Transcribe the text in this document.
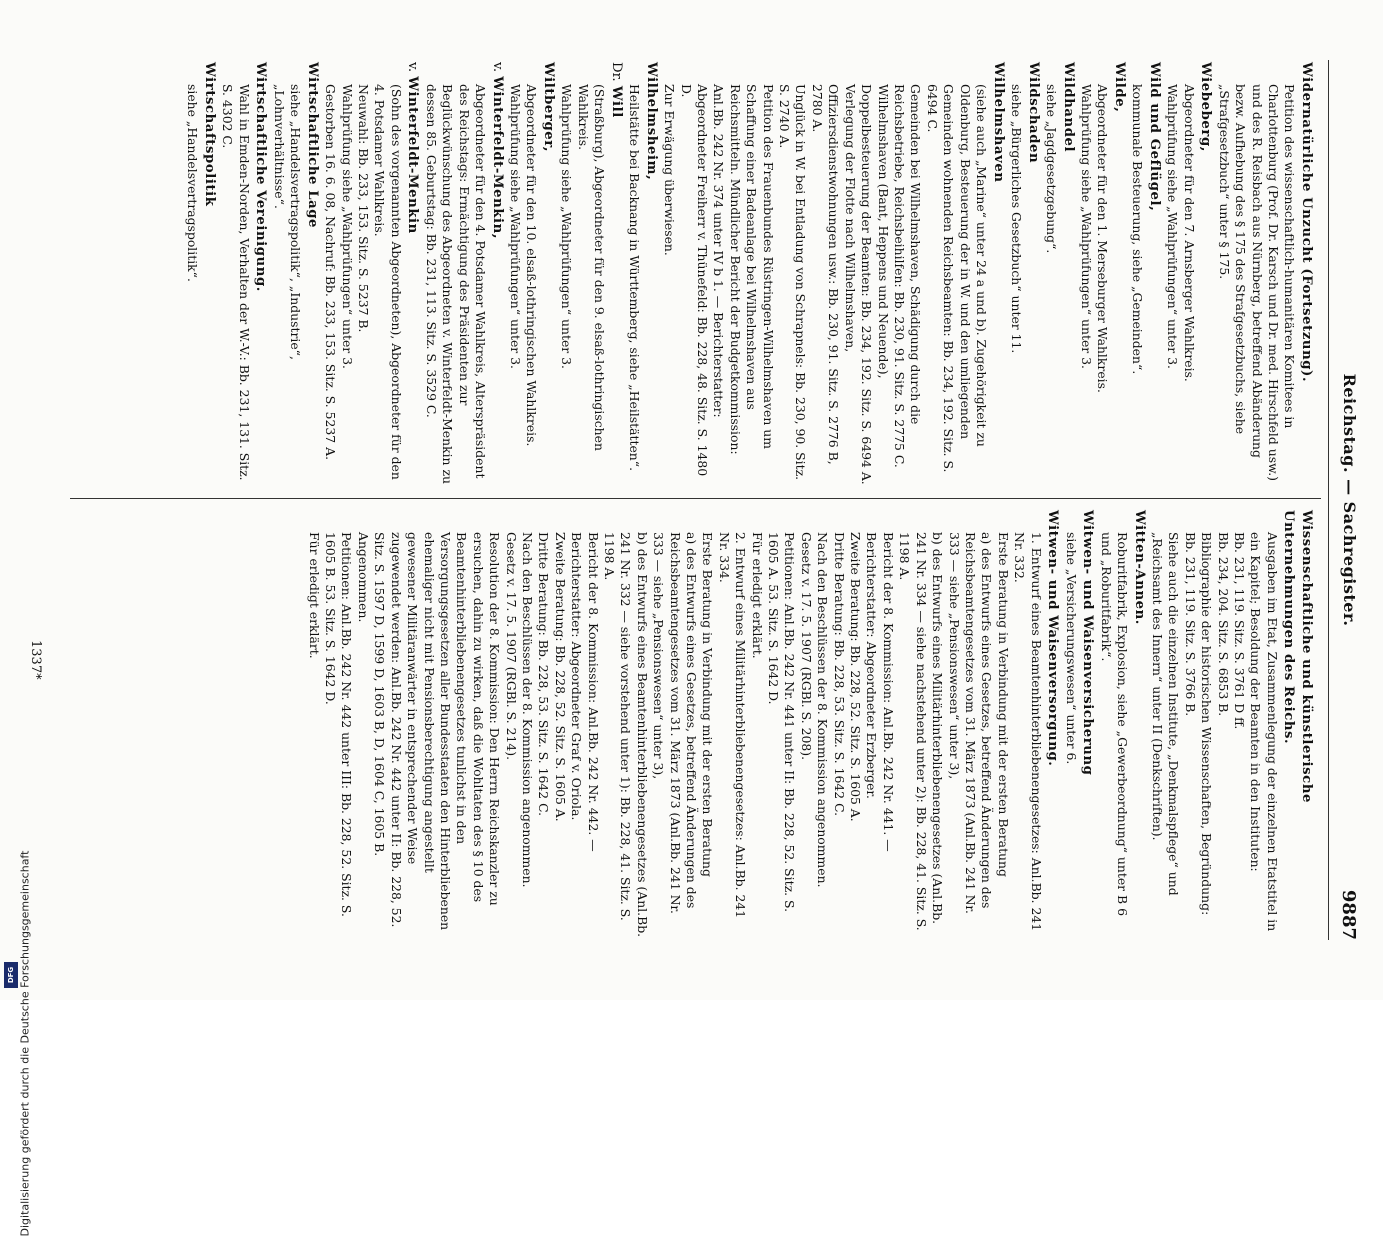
Reichstag. — Sachregister.
9887

Widernatürliche Unzucht (Fortsetzung).

Petition des wissenschaftlich-humanitären Komitees in Charlottenburg (Prof. Dr. Karsch und Dr. med. Hirschfeld usw.) und des R. Reisbach aus Nürnberg, betreffend Abänderung bezw. Aufhebung des § 175 des Strafgesetzbuchs, siehe „Strafgesetzbuch“ unter § 175.

Wiebeberg,

Abgeordneter für den 7. Arnsberger Wahlkreis.

Wahlprüfung siehe „Wahlprüfungen“ unter 3.

Wild und Geflügel,

kommunale Besteuerung, siehe „Gemeinden“.

Wilde,

Abgeordneter für den 1. Merseburger Wahlkreis.

Wahlprüfung siehe „Wahlprüfungen“ unter 3.

Wildhandel

siehe „Jagdgesetzgebung“.

Wildschaden

siehe „Bürgerliches Gesetzbuch“ unter 11.

Wilhelmshaven

(siehe auch „Marine“ unter 24 a und b). Zugehörigkeit zu Oldenburg, Besteuerung der in W. und den umliegenden Gemeinden wohnenden Reichsbeamten: Bb. 234, 192. Sitz. S. 6494 C.

Gemeinden bei Wilhelmshaven, Schädigung durch die Reichsbetriebe, Reichsbeihilfen: Bb. 230, 91. Sitz. S. 2775 C.

Wilhelmshaven (Bant, Heppens und Neuende), Doppelbesteuerung der Beamten: Bb. 234, 192. Sitz. S. 6494 A.

Verlegung der Flotte nach Wilhelmshaven, Offiziersdienstwohnungen usw.: Bb. 230, 91. Sitz. S. 2776 B, 2780 A.

Unglück in W. bei Entladung von Schrapnels: Bb. 230, 90. Sitz. S. 2740 A.

Petition des Frauenbundes Rüstringen-Wilhelmshaven um Schaffung einer Badeanlage bei Wilhelmshaven aus Reichsmitteln. Mündlicher Bericht der Budgetkommission: Anl.Bb. 242 Nr. 374 unter IV b 1. — Berichterstatter: Abgeordneter Freiherr v. Thünefeld: Bb. 228, 48. Sitz. S. 1480 D.

Zur Erwägung überwiesen.

Wilhelmsheim,

Heilstätte bei Backnang in Württemberg, siehe „Heilstätten“.

Dr. Will

(Straßburg), Abgeordneter für den 9. elsaß-lothringischen Wahlkreis.

Wahlprüfung siehe „Wahlprüfungen“ unter 3.

Wiltberger,

Abgeordneter für den 10. elsaß-lothringischen Wahlkreis.

Wahlprüfung siehe „Wahlprüfungen“ unter 3.

v. Winterfeldt-Menkin,

Abgeordneter für den 4. Potsdamer Wahlkreis, Alterspräsident des Reichstags: Ermächtigung des Präsidenten zur Beglückwünschung des Abgeordneten v. Winterfeldt-Menkin zu dessen 85. Geburtstag: Bb. 231, 113. Sitz. S. 3529 C.

v. Winterfeldt-Menkin

(Sohn des vorgenannten Abgeordneten), Abgeordneter für den 4. Potsdamer Wahlkreis.

Neuwahl: Bb. 233, 153. Sitz. S. 5237 B.

Wahlprüfung siehe „Wahlprüfungen“ unter 3.

Gestorben 16. 6. 08, Nachruf: Bb. 233, 153. Sitz. S. 5237 A.

Wirtschaftliche Lage

siehe „Handelsvertragspolitik“, „Industrie“, „Lohnverhältnisse“.

Wirtschaftliche Vereinigung.

Wahl in Emden-Norden, Verhalten der W.-V.: Bb. 231, 131. Sitz. S. 4302 C.

Wirtschaftspolitik

siehe „Handelsvertragspolitik“.

Wissenschaftliche und künstlerische Unternehmungen des Reichs.

Ausgaben im Etat, Zusammenlegung der einzelnen Etatstitel in ein Kapitel; Besoldung der Beamten in den Instituten:

Bb. 231, 119. Sitz. S. 3761 D ff.

Bb. 234, 204. Sitz. S. 6853 B.

Bibliographie der historischen Wissenschaften, Begründung: Bb. 231, 119. Sitz. S. 3766 B.

Siehe auch die einzelnen Institute, „Denkmalspflege“ und „Reichsamt des Innern“ unter II (Denkschriften).

Witten-Annen.

Roburitfabrik, Explosion, siehe „Gewerbeordnung“ unter B 6 und „Roburitfabrik“.

Witwen- und Waisenversicherung

siehe „Versicherungswesen“ unter 6.

Witwen- und Waisenversorgung.

1. Entwurf eines Beamtenhinterbliebenengesetzes: Anl.Bb. 241 Nr. 332.

Erste Beratung in Verbindung mit der ersten Beratung

a) des Entwurfs eines Gesetzes, betreffend Änderungen des Reichsbeamtengesetzes vom 31. März 1873 (Anl.Bb. 241 Nr. 333 — siehe „Pensionswesen“ unter 3),

b) des Entwurfs eines Militärhinterbliebenengesetzes (Anl.Bb. 241 Nr. 334 — siehe nachstehend unter 2): Bb. 228, 41. Sitz. S. 1198 A.

Bericht der 8. Kommission: Anl.Bb. 242 Nr. 441. — Berichterstatter: Abgeordneter Erzberger.

Zweite Beratung: Bb. 228, 52. Sitz. S. 1605 A.

Dritte Beratung: Bb. 228, 53. Sitz. S. 1642 C.

Nach den Beschlüssen der 8. Kommission angenommen.

Gesetz v. 17. 5. 1907 (RGBl. S. 208).

Petitionen: Anl.Bb. 242 Nr. 441 unter II: Bb. 228, 52. Sitz. S. 1605 A. 53. Sitz. S. 1642 D.

Für erledigt erklärt.

2. Entwurf eines Militärhinterbliebenengesetzes: Anl.Bb. 241 Nr. 334.

Erste Beratung in Verbindung mit der ersten Beratung

a) des Entwurfs eines Gesetzes, betreffend Änderungen des Reichsbeamtengesetzes vom 31. März 1873 (Anl.Bb. 241 Nr. 333 — siehe „Pensionswesen“ unter 3),

b) des Entwurfs eines Beamtenhinterbliebenengesetzes (Anl.Bb. 241 Nr. 332 — siehe vorstehend unter 1): Bb. 228, 41. Sitz. S. 1198 A.

Bericht der 8. Kommission: Anl.Bb. 242 Nr. 442. — Berichterstatter: Abgeordneter Graf v. Oriola.

Zweite Beratung: Bb. 228, 52. Sitz. S. 1605 A.

Dritte Beratung: Bb. 228, 53. Sitz. S. 1642 C.

Nach den Beschlüssen der 8. Kommission angenommen.

Gesetz v. 17. 5. 1907 (RGBl. S. 214).

Resolution der 8. Kommission: Den Herrn Reichskanzler zu ersuchen, dahin zu wirken, daß die Wohltaten des § 10 des Beamtenhinterbliebenengesetzes tunlichst in den Versorgungsgesetzen aller Bundesstaaten den Hinterbliebenen ehemaliger nicht mit Pensionsberechtigung angestellt gewesener Militäranwärter in entsprechender Weise zugewendet werden: Anl.Bb. 242 Nr. 442 unter II: Bb. 228, 52. Sitz. S. 1597 D, 1599 D, 1603 B, D, 1604 C, 1605 B.

Angenommen.

Petitionen: Anl.Bb. 242 Nr. 442 unter III: Bb. 228, 52. Sitz. S. 1605 B. 53. Sitz. S. 1642 D.

Für erledigt erklärt.

1337*
Digitalisierung gefördert durch die Deutsche Forschungsgemeinschaft
DFG
